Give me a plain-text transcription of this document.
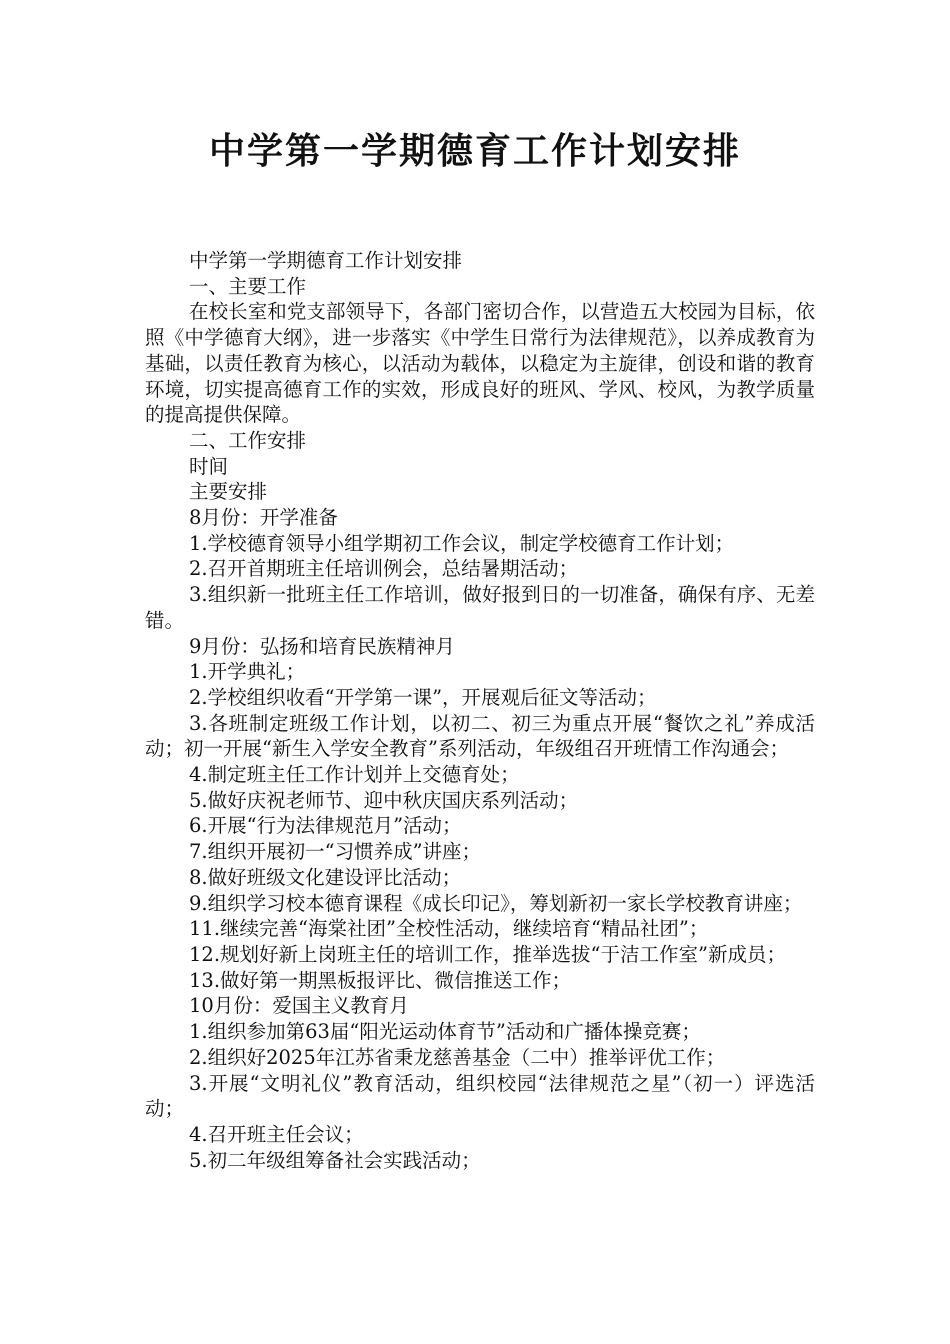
中学第一学期德育工作计划安排

中学第一学期德育工作计划安排

一、主要工作

在校长室和党支部领导下，各部门密切合作，以营造五大校园为目标，依照《中学德育大纲》，进一步落实《中学生日常行为法律规范》，以养成教育为基础，以责任教育为核心，以活动为载体，以稳定为主旋律，创设和谐的教育环境，切实提高德育工作的实效，形成良好的班风、学风、校风，为教学质量的提高提供保障。

二、工作安排

时间

主要安排

8月份：开学准备

1.学校德育领导小组学期初工作会议，制定学校德育工作计划；

2.召开首期班主任培训例会，总结暑期活动；

3.组织新一批班主任工作培训，做好报到日的一切准备，确保有序、无差错。

9月份：弘扬和培育民族精神月

1.开学典礼；

2.学校组织收看“开学第一课”，开展观后征文等活动；

3.各班制定班级工作计划，以初二、初三为重点开展“餐饮之礼”养成活动；初一开展“新生入学安全教育”系列活动，年级组召开班情工作沟通会；

4.制定班主任工作计划并上交德育处；

5.做好庆祝老师节、迎中秋庆国庆系列活动；

6.开展“行为法律规范月”活动；

7.组织开展初一“习惯养成”讲座；

8.做好班级文化建设评比活动；

9.组织学习校本德育课程《成长印记》，筹划新初一家长学校教育讲座；

11.继续完善“海棠社团”全校性活动，继续培育“精品社团”；

12.规划好新上岗班主任的培训工作，推举选拔“于洁工作室”新成员；

13.做好第一期黑板报评比、微信推送工作；

10月份：爱国主义教育月

1.组织参加第63届“阳光运动体育节”活动和广播体操竞赛；

2.组织好2025年江苏省秉龙慈善基金（二中）推举评优工作；

3.开展“文明礼仪”教育活动，组织校园“法律规范之星”（初一）评选活动；

4.召开班主任会议；

5.初二年级组筹备社会实践活动；
